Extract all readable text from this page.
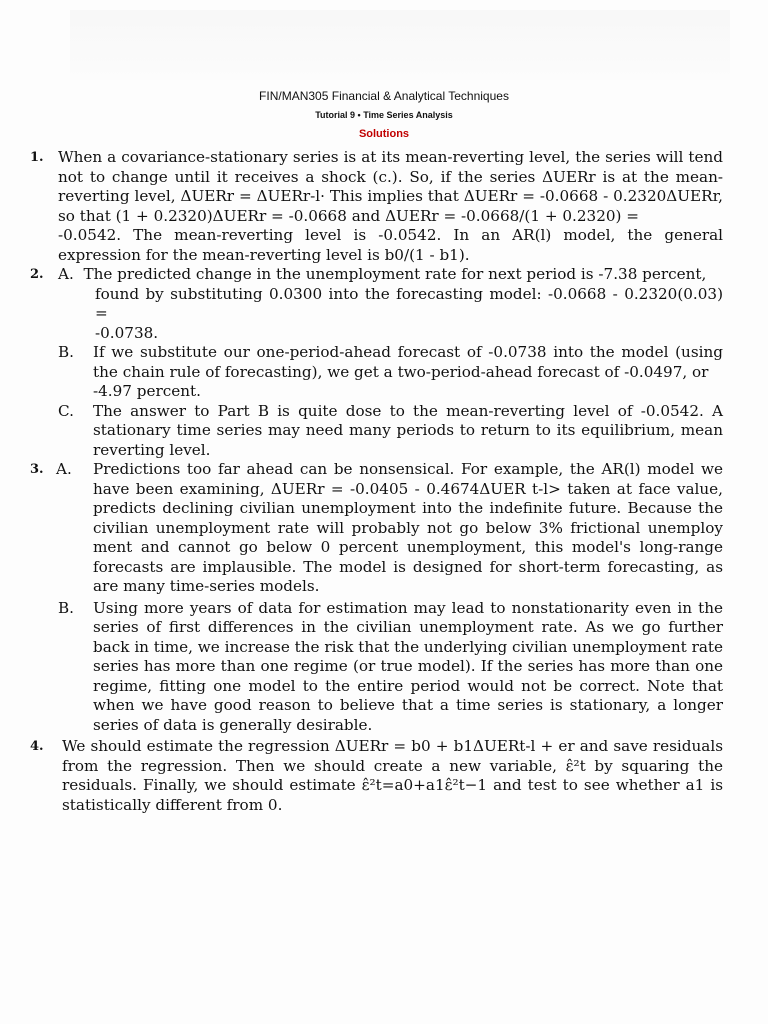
FIN/MAN305 Financial & Analytical Techniques
Tutorial 9 • Time Series Analysis
Solutions
1. When a covariance-stationary series is at its mean-reverting level, the series will tend not to change until it receives a shock (c.). So, if the series ΔUERr is at the mean-reverting level, ΔUERr = ΔUERr-l· This implies that ΔUERr = -0.0668 - 0.2320ΔUERr, so that (1 + 0.2320)ΔUERr = -0.0668 and ΔUERr = -0.0668/(1 + 0.2320) =

-0.0542. The mean-reverting level is -0.0542. In an AR(l) model, the general expression for the mean-reverting level is b0/(1 - b1).

2. A. The predicted change in the unemployment rate for next period is -7.38 percent,

found by substituting 0.0300 into the forecasting model: -0.0668 - 0.2320(0.03) =

-0.0738.

B. If we substitute our one-period-ahead forecast of -0.0738 into the model (using the chain rule of forecasting), we get a two-period-ahead forecast of -0.0497, or

-4.97 percent.

C. The answer to Part B is quite dose to the mean-reverting level of -0.0542. A stationary time series may need many periods to return to its equilibrium, mean reverting level.

3. A. Predictions too far ahead can be nonsensical. For example, the AR(l) model we have been examining, ΔUERr = -0.0405 - 0.4674ΔUER t-l> taken at face value, predicts declining civilian unemployment into the indefinite future. Because the civilian unemployment rate will probably not go below 3% frictional unemploy ment and cannot go below 0 percent unemployment, this model's long-range forecasts are implausible. The model is designed for short-term forecasting, as are many time-series models.

B. Using more years of data for estimation may lead to nonstationarity even in the series of first differences in the civilian unemployment rate. As we go further back in time, we increase the risk that the underlying civilian unemployment rate series has more than one regime (or true model). If the series has more than one regime, fitting one model to the entire period would not be correct. Note that when we have good reason to believe that a time series is stationary, a longer series of data is generally desirable.

4. We should estimate the regression ΔUERr = b0 + b1ΔUERt-l + er and save residuals from the regression. Then we should create a new variable, ε̂²t by squaring the residuals. Finally, we should estimate ε̂²t=a0+a1ε̂²t−1 and test to see whether a1 is statistically different from 0.
